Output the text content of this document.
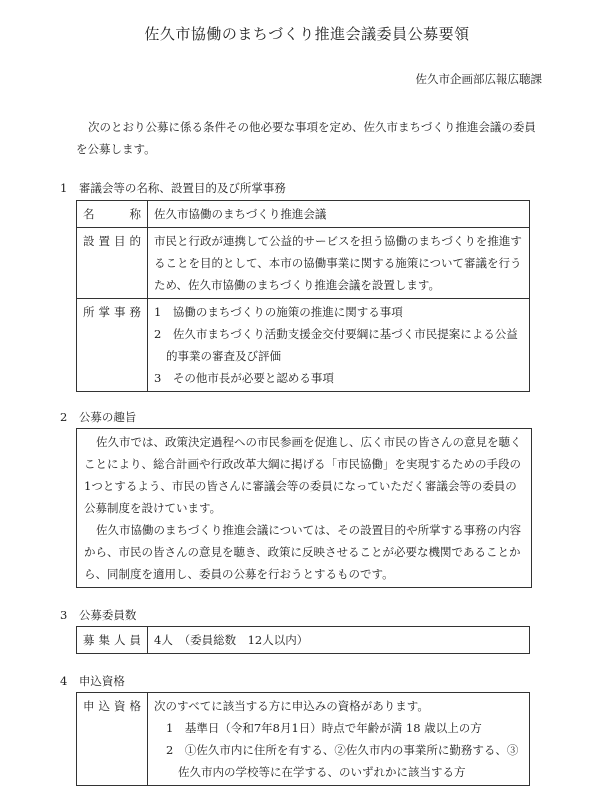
佐久市協働のまちづくり推進会議委員公募要領
佐久市企画部広報広聴課
次のとおり公募に係る条件その他必要な事項を定め、佐久市まちづくり推進会議の委員を公募します。
1　審議会等の名称、設置目的及び所掌事務
名　　称	佐久市協働のまちづくり推進会議
設置目的	市民と行政が連携して公益的サービスを担う協働のまちづくりを推進することを目的として、本市の協働事業に関する施策について審議を行うため、佐久市協働のまちづくり推進会議を設置します。
所掌事務	1　協働のまちづくりの施策の推進に関する事項
2　佐久市まちづくり活動支援金交付要綱に基づく市民提案による公益的事業の審査及び評価
3　その他市長が必要と認める事項
2　公募の趣旨

佐久市では、政策決定過程への市民参画を促進し、広く市民の皆さんの意見を聴くことにより、総合計画や行政改革大綱に掲げる「市民協働」を実現するための手段の1つとするよう、市民の皆さんに審議会等の委員になっていただく審議会等の委員の公募制度を設けています。

佐久市協働のまちづくり推進会議については、その設置目的や所掌する事務の内容から、市民の皆さんの意見を聴き、政策に反映させることが必要な機関であることから、同制度を適用し、委員の公募を行おうとするものです。

3　公募委員数
募集人員	4人　（委員総数　12人以内）
4　申込資格
申込資格	次のすべてに該当する方に申込みの資格があります。
1　基準日（令和7年8月1日）時点で年齢が満 18 歳以上の方
2　①佐久市内に住所を有する、②佐久市内の事業所に勤務する、③佐久市内の学校等に在学する、のいずれかに該当する方
